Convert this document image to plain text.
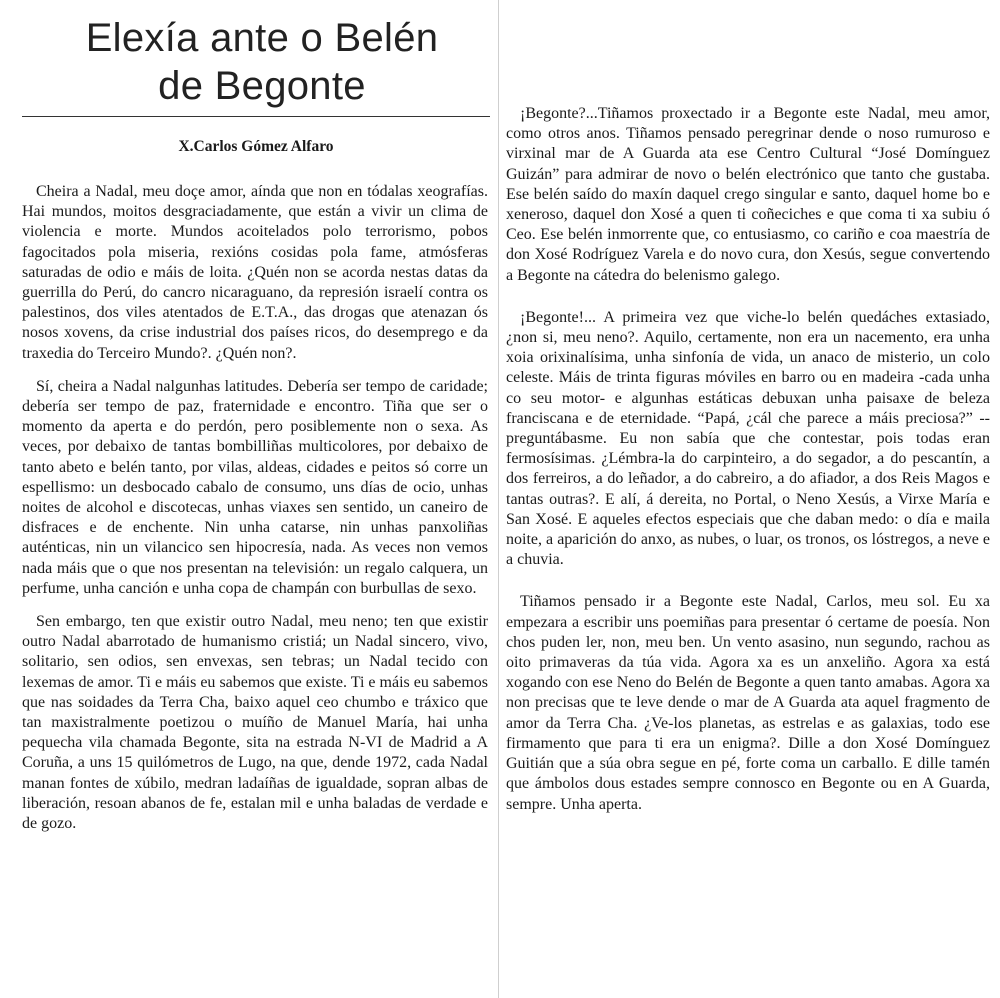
Elexía ante o Belén
de Begonte
X.Carlos Gómez Alfaro

Cheira a Nadal, meu doçe amor, aínda que non en tódalas xeografías. Hai mundos, moitos desgraciadamente, que están a vivir un clima de violencia e morte. Mundos acoitelados polo terrorismo, pobos fagocitados pola miseria, rexións cosidas pola fame, atmósferas saturadas de odio e máis de loita. ¿Quén non se acorda nestas datas da guerrilla do Perú, do cancro nicaraguano, da represión israelí contra os palestinos, dos viles atentados de E.T.A., das drogas que atenazan ós nosos xovens, da crise industrial dos países ricos, do desemprego e da traxedia do Terceiro Mundo?. ¿Quén non?.

Sí, cheira a Nadal nalgunhas latitudes. Debería ser tempo de caridade; debería ser tempo de paz, fraternidade e encontro. Tiña que ser o momento da aperta e do perdón, pero posiblemente non o sexa. As veces, por debaixo de tantas bombilliñas multicolores, por debaixo de tanto abeto e belén tanto, por vilas, aldeas, cidades e peitos só corre un espellismo: un desbocado cabalo de consumo, uns días de ocio, unhas noites de alcohol e discotecas, unhas viaxes sen sentido, un caneiro de disfraces e de enchente. Nin unha catarse, nin unhas panxoliñas auténticas, nin un vilancico sen hipocresía, nada. As veces non vemos nada máis que o que nos presentan na televisión: un regalo calquera, un perfume, unha canción e unha copa de champán con burbullas de sexo.

Sen embargo, ten que existir outro Nadal, meu neno; ten que existir outro Nadal abarrotado de humanismo cristiá; un Nadal sincero, vivo, solitario, sen odios, sen envexas, sen tebras; un Nadal tecido con lexemas de amor. Ti e máis eu sabemos que existe. Ti e máis eu sabemos que nas soidades da Terra Cha, baixo aquel ceo chumbo e tráxico que tan maxistralmente poetizou o muíño de Manuel María, hai unha pequecha vila chamada Begonte, sita na estrada N-VI de Madrid a A Coruña, a uns 15 quilómetros de Lugo, na que, dende 1972, cada Nadal manan fontes de xúbilo, medran ladaíñas de igualdade, sopran albas de liberación, resoan abanos de fe, estalan mil e unha baladas de verdade e de gozo.

¡Begonte?...Tiñamos proxectado ir a Begonte este Nadal, meu amor, como otros anos. Tiñamos pensado peregrinar dende o noso rumuroso e virxinal mar de A Guarda ata ese Centro Cultural “José Domínguez Guizán” para admirar de novo o belén electrónico que tanto che gustaba. Ese belén saído do maxín daquel crego singular e santo, daquel home bo e xeneroso, daquel don Xosé a quen ti coñeciches e que coma ti xa subiu ó Ceo. Ese belén inmorrente que, co entusiasmo, co cariño e coa maestría de don Xosé Rodríguez Varela e do novo cura, don Xesús, segue convertendo a Begonte na cátedra do belenismo galego.

¡Begonte!... A primeira vez que viche-lo belén quedáches extasiado, ¿non si, meu neno?. Aquilo, certamente, non era un nacemento, era unha xoia orixinalísima, unha sinfonía de vida, un anaco de misterio, un colo celeste. Máis de trinta figuras móviles en barro ou en madeira -cada unha co seu motor- e algunhas estáticas debuxan unha paisaxe de beleza franciscana e de eternidade. “Papá, ¿cál che parece a máis preciosa?” --preguntábasme. Eu non sabía que che contestar, pois todas eran fermosísimas. ¿Lémbra-la do carpinteiro, a do segador, a do pescantín, a dos ferreiros, a do leñador, a do cabreiro, a do afiador, a dos Reis Magos e tantas outras?. E alí, á dereita, no Portal, o Neno Xesús, a Virxe María e San Xosé. E aqueles efectos especiais que che daban medo: o día e maila noite, a aparición do anxo, as nubes, o luar, os tronos, os lóstregos, a neve e a chuvia.

Tiñamos pensado ir a Begonte este Nadal, Carlos, meu sol. Eu xa empezara a escribir uns poemiñas para presentar ó certame de poesía. Non chos puden ler, non, meu ben. Un vento asasino, nun segundo, rachou as oito primaveras da túa vida. Agora xa es un anxeliño. Agora xa está xogando con ese Neno do Belén de Begonte a quen tanto amabas. Agora xa non precisas que te leve dende o mar de A Guarda ata aquel fragmento de amor da Terra Cha. ¿Ve-los planetas, as estrelas e as galaxias, todo ese firmamento que para ti era un enigma?. Dille a don Xosé Domínguez Guitián que a súa obra segue en pé, forte coma un carballo. E dille tamén que ámbolos dous estades sempre connosco en Begonte ou en A Guarda, sempre. Unha aperta.
